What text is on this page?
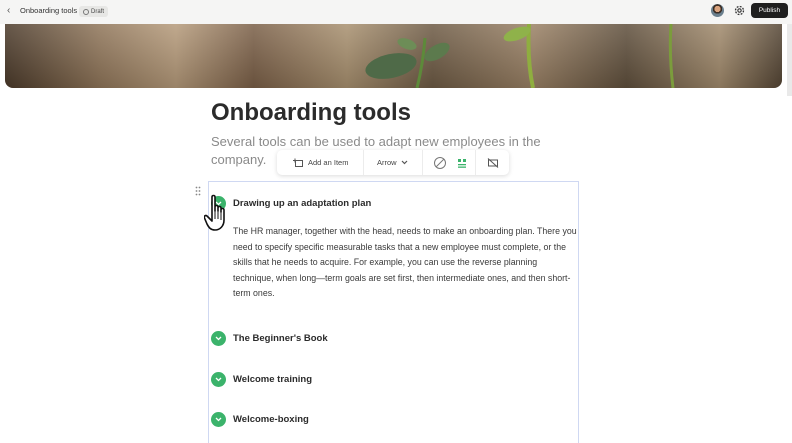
‹ Onboarding tools Draft	Publish
Onboarding tools

Several tools can be used to adapt new employees in the company.	Add an Item	Arrow
Drawing up an adaptation plan

The HR manager, together with the head, needs to make an onboarding plan. There you need to specify specific measurable tasks that a new employee must complete, or the skills that he needs to acquire. For example, you can use the reverse planning technique, when long—term goals are set first, then intermediate ones, and then short-term ones.

The Beginner's Book
Welcome training
Welcome-boxing
